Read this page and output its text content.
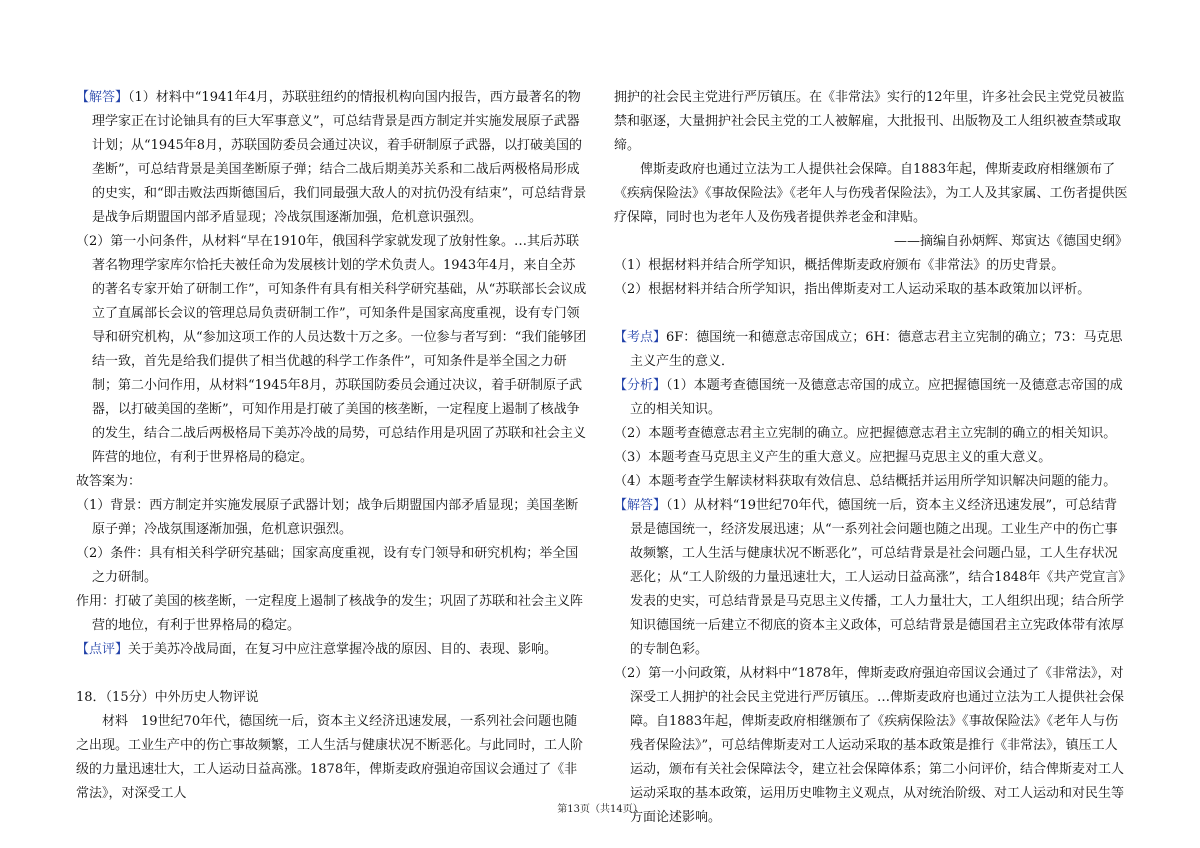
【解答】（1）材料中“1941年4月，苏联驻纽约的情报机构向国内报告，西方最著名的物理学家正在讨论铀具有的巨大军事意义”，可总结背景是西方制定并实施发展原子武器计划；从“1945年8月，苏联国防委员会通过决议，着手研制原子武器，以打破美国的垄断”，可总结背景是美国垄断原子弹；结合二战后期美苏关系和二战后两极格局形成的史实，和“即击败法西斯德国后，我们同最强大敌人的对抗仍没有结束”，可总结背景是战争后期盟国内部矛盾显现；冷战氛围逐渐加强，危机意识强烈。

（2）第一小问条件，从材料“早在1910年，俄国科学家就发现了放射性象。…其后苏联著名物理学家库尔恰托夫被任命为发展核计划的学术负责人。1943年4月，来自全苏的著名专家开始了研制工作”，可知条件有具有相关科学研究基础，从“苏联部长会议成立了直属部长会议的管理总局负责研制工作”，可知条件是国家高度重视，设有专门领导和研究机构，从“参加这项工作的人员达数十万之多。一位参与者写到：“我们能够团结一致，首先是给我们提供了相当优越的科学工作条件”，可知条件是举全国之力研制；第二小问作用，从材料“1945年8月，苏联国防委员会通过决议，着手研制原子武器，以打破美国的垄断”，可知作用是打破了美国的核垄断，一定程度上遏制了核战争的发生，结合二战后两极格局下美苏冷战的局势，可总结作用是巩固了苏联和社会主义阵营的地位，有利于世界格局的稳定。

故答案为：

（1）背景：西方制定并实施发展原子武器计划；战争后期盟国内部矛盾显现；美国垄断原子弹；冷战氛围逐渐加强，危机意识强烈。

（2）条件：具有相关科学研究基础；国家高度重视，设有专门领导和研究机构；举全国之力研制。

作用：打破了美国的核垄断，一定程度上遏制了核战争的发生；巩固了苏联和社会主义阵营的地位，有利于世界格局的稳定。

【点评】关于美苏冷战局面，在复习中应注意掌握冷战的原因、目的、表现、影响。

18．（15分）中外历史人物评说

材料　19世纪70年代，德国统一后，资本主义经济迅速发展，一系列社会问题也随之出现。工业生产中的伤亡事故频繁，工人生活与健康状况不断恶化。与此同时，工人阶级的力量迅速壮大，工人运动日益高涨。1878年，俾斯麦政府强迫帝国议会通过了《非常法》，对深受工人

拥护的社会民主党进行严厉镇压。在《非常法》实行的12年里，许多社会民主党党员被监禁和驱逐，大量拥护社会民主党的工人被解雇，大批报刊、出版物及工人组织被查禁或取缔。

俾斯麦政府也通过立法为工人提供社会保障。自1883年起，俾斯麦政府相继颁布了《疾病保险法》《事故保险法》《老年人与伤残者保险法》，为工人及其家属、工伤者提供医疗保障，同时也为老年人及伤残者提供养老金和津贴。

——摘编自孙炳辉、郑寅达《德国史纲》

（1）根据材料并结合所学知识，概括俾斯麦政府颁布《非常法》的历史背景。

（2）根据材料并结合所学知识，指出俾斯麦对工人运动采取的基本政策加以评析。

【考点】6F：德国统一和德意志帝国成立；6H：德意志君主立宪制的确立；73：马克思主义产生的意义．

【分析】（1）本题考查德国统一及德意志帝国的成立。应把握德国统一及德意志帝国的成立的相关知识。

（2）本题考查德意志君主立宪制的确立。应把握德意志君主立宪制的确立的相关知识。

（3）本题考查马克思主义产生的重大意义。应把握马克思主义的重大意义。

（4）本题考查学生解读材料获取有效信息、总结概括并运用所学知识解决问题的能力。

【解答】（1）从材料“19世纪70年代，德国统一后，资本主义经济迅速发展”，可总结背景是德国统一，经济发展迅速；从“一系列社会问题也随之出现。工业生产中的伤亡事故频繁，工人生活与健康状况不断恶化”，可总结背景是社会问题凸显，工人生存状况恶化；从“工人阶级的力量迅速壮大，工人运动日益高涨”，结合1848年《共产党宣言》发表的史实，可总结背景是马克思主义传播，工人力量壮大，工人组织出现；结合所学知识德国统一后建立不彻底的资本主义政体，可总结背景是德国君主立宪政体带有浓厚的专制色彩。

（2）第一小问政策，从材料中“1878年，俾斯麦政府强迫帝国议会通过了《非常法》，对深受工人拥护的社会民主党进行严厉镇压。…俾斯麦政府也通过立法为工人提供社会保障。自1883年起，俾斯麦政府相继颁布了《疾病保险法》《事故保险法》《老年人与伤残者保险法》”，可总结俾斯麦对工人运动采取的基本政策是推行《非常法》，镇压工人运动，颁布有关社会保障法令，建立社会保障体系；第二小问评价，结合俾斯麦对工人运动采取的基本政策，运用历史唯物主义观点，从对统治阶级、对工人运动和对民生等方面论述影响。

第13页（共14页）
